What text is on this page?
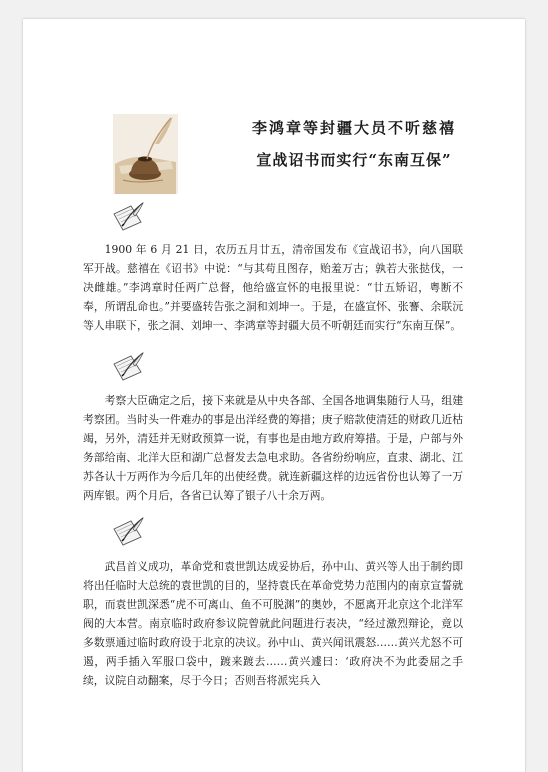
李鸿章等封疆大员不听慈禧
宣战诏书而实行“东南互保”

1900 年 6 月 21 日，农历五月廿五，清帝国发布《宣战诏书》，向八国联军开战。慈禧在《诏书》中说：“与其苟且图存，贻羞万古；孰若大张挞伐，一决雌雄。”李鸿章时任两广总督，他给盛宣怀的电报里说：“廿五矫诏，粤断不奉，所谓乱命也。”并要盛转告张之洞和刘坤一。于是，在盛宣怀、张謇、余联沅等人串联下，张之洞、刘坤一、李鸿章等封疆大员不听朝廷而实行“东南互保”。

考察大臣确定之后，接下来就是从中央各部、全国各地调集随行人马，组建考察团。当时头一件难办的事是出洋经费的筹措；庚子赔款使清廷的财政几近枯竭，另外，清廷并无财政预算一说，有事也是由地方政府筹措。于是，户部与外务部给南、北洋大臣和湖广总督发去急电求助。各省纷纷响应，直隶、湖北、江苏各认十万两作为今后几年的出使经费。就连新疆这样的边远省份也认筹了一万两库银。两个月后，各省已认筹了银子八十余万两。

武昌首义成功，革命党和袁世凯达成妥协后，孙中山、黄兴等人出于制约即将出任临时大总统的袁世凯的目的，坚持袁氏在革命党势力范围内的南京宣誓就职，而袁世凯深悉“虎不可离山、鱼不可脱渊”的奥妙，不愿离开北京这个北洋军阀的大本营。南京临时政府参议院曾就此问题进行表决，“经过激烈辩论，竟以多数票通过临时政府设于北京的决议。孙中山、黄兴闻讯震怒……黄兴尤怒不可遏，两手插入军服口袋中，踱来踱去……黄兴遽曰：‘政府决不为此委屈之手续，议院自动翻案，尽于今日；否则吾将派宪兵入
